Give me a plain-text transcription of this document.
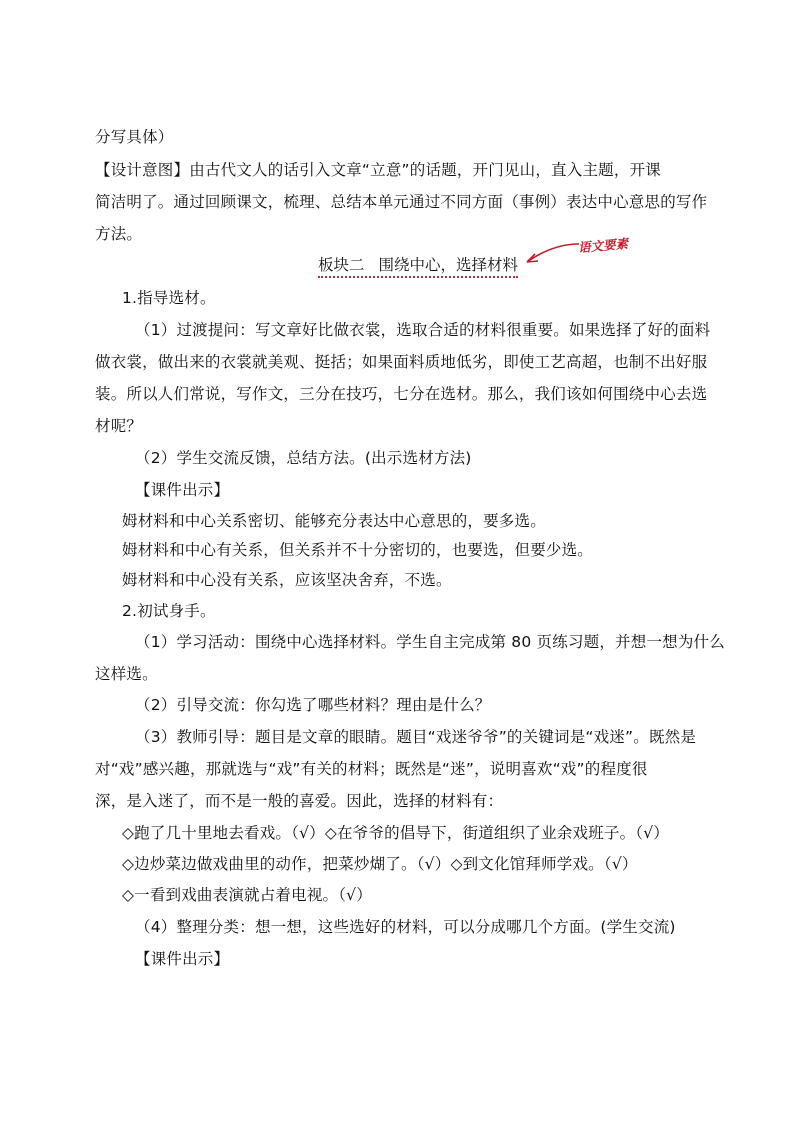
分写具体）
【设计意图】由古代文人的话引入文章“立意”的话题，开门见山，直入主题，开课
简洁明了。通过回顾课文，梳理、总结本单元通过不同方面（事例）表达中心意思的写作
方法。
板块二 围绕中心，选择材料
语文要素
1.指导选材。
（1）过渡提问：写文章好比做衣裳，选取合适的材料很重要。如果选择了好的面料
做衣裳，做出来的衣裳就美观、挺括；如果面料质地低劣，即使工艺高超，也制不出好服
装。所以人们常说，写作文，三分在技巧，七分在选材。那么，我们该如何围绕中心去选
材呢？
（2）学生交流反馈，总结方法。(出示选材方法)
【课件出示】
姆材料和中心关系密切、能够充分表达中心意思的，要多选。
姆材料和中心有关系，但关系并不十分密切的，也要选，但要少选。
姆材料和中心没有关系，应该坚决舍弃，不选。
2.初试身手。
（1）学习活动：围绕中心选择材料。学生自主完成第 80 页练习题，并想一想为什么
这样选。
（2）引导交流：你勾选了哪些材料？理由是什么？
（3）教师引导：题目是文章的眼睛。题目“戏迷爷爷”的关键词是“戏迷”。既然是
对“戏”感兴趣，那就选与“戏”有关的材料；既然是“迷”，说明喜欢“戏”的程度很
深，是入迷了，而不是一般的喜爱。因此，选择的材料有：
◇跑了几十里地去看戏。（√）◇在爷爷的倡导下，街道组织了业余戏班子。（√）
◇边炒菜边做戏曲里的动作，把菜炒煳了。（√）◇到文化馆拜师学戏。（√）
◇一看到戏曲表演就占着电视。（√）
（4）整理分类：想一想，这些选好的材料，可以分成哪几个方面。(学生交流)
【课件出示】
